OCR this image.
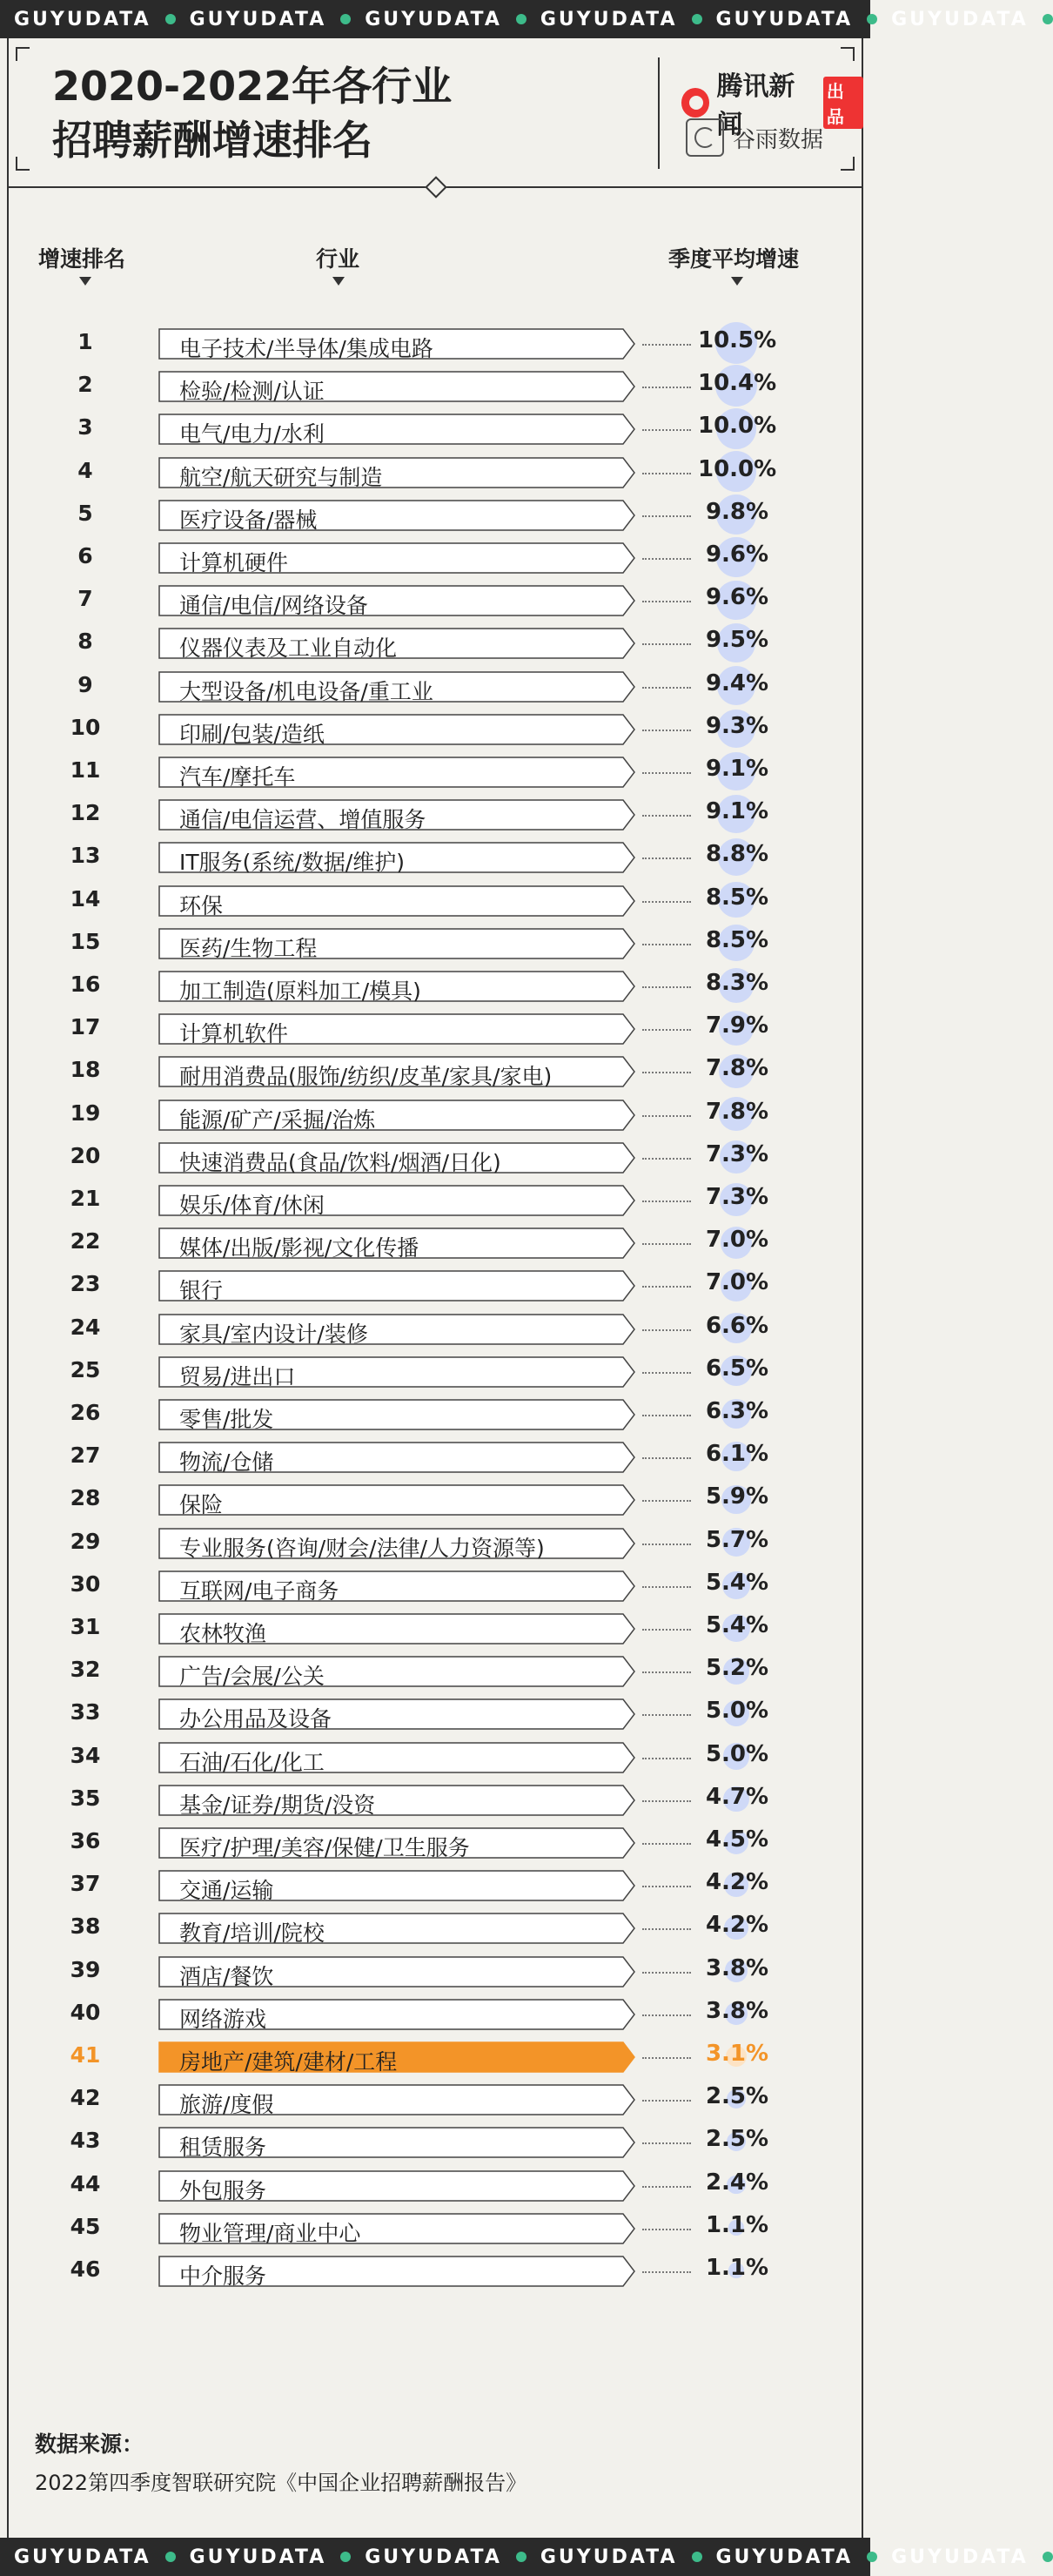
GUYUDATA	GUYUDATA	GUYUDATA	GUYUDATA	GUYUDATA	GUYUDATA
2020-2022年各行业
招聘薪酬增速排名
腾讯新闻
出品
谷雨数据
增速排名	行业	季度平均增速
1	电子技术/半导体/集成电路	10.5%
2	检验/检测/认证	10.4%
3	电气/电力/水利	10.0%
4	航空/航天研究与制造	10.0%
5	医疗设备/器械	9.8%
6	计算机硬件	9.6%
7	通信/电信/网络设备	9.6%
8	仪器仪表及工业自动化	9.5%
9	大型设备/机电设备/重工业	9.4%
10	印刷/包装/造纸	9.3%
11	汽车/摩托车	9.1%
12	通信/电信运营、增值服务	9.1%
13	IT服务(系统/数据/维护)	8.8%
14	环保	8.5%
15	医药/生物工程	8.5%
16	加工制造(原料加工/模具)	8.3%
17	计算机软件	7.9%
18	耐用消费品(服饰/纺织/皮革/家具/家电)	7.8%
19	能源/矿产/采掘/治炼	7.8%
20	快速消费品(食品/饮料/烟酒/日化)	7.3%
21	娱乐/体育/休闲	7.3%
22	媒体/出版/影视/文化传播	7.0%
23	银行	7.0%
24	家具/室内设计/装修	6.6%
25	贸易/进出口	6.5%
26	零售/批发	6.3%
27	物流/仓储	6.1%
28	保险	5.9%
29	专业服务(咨询/财会/法律/人力资源等)	5.7%
30	互联网/电子商务	5.4%
31	农林牧渔	5.4%
32	广告/会展/公关	5.2%
33	办公用品及设备	5.0%
34	石油/石化/化工	5.0%
35	基金/证券/期货/没资	4.7%
36	医疗/护理/美容/保健/卫生服务	4.5%
37	交通/运输	4.2%
38	教育/培训/院校	4.2%
39	酒店/餐饮	3.8%
40	网络游戏	3.8%
41	房地产/建筑/建材/工程	3.1%
42	旅游/度假	2.5%
43	租赁服务	2.5%
44	外包服务	2.4%
45	物业管理/商业中心	1.1%
46	中介服务	1.1%
数据来源：
2022第四季度智联研究院《中国企业招聘薪酬报告》
GUYUDATA	GUYUDATA	GUYUDATA	GUYUDATA	GUYUDATA	GUYUDATA
